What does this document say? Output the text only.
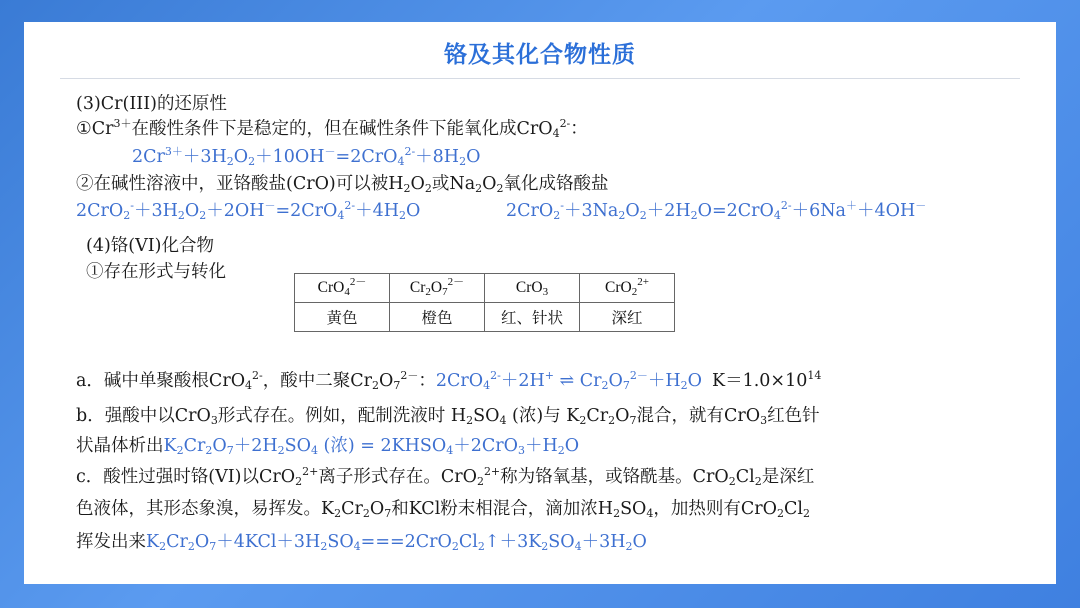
铬及其化合物性质
(3)Cr(III)的还原性
$①Cr^{3+}$在酸性条件下是稳定的，但在碱性条件下能氧化成CrO$_4^{2-}$：
$2Cr^{3+}+3H_2O_2+10OH^-=2CrO_4^{2-}+8H_2O$
②在碱性溶液中，亚铬酸盐(CrO)可以被$H_2O_2$或$Na_2O_2$氧化成铬酸盐
$2CrO_2^-+3H_2O_2+2OH^-=2CrO_4^{2-}+4H_2O$	$2CrO_2^-+3Na_2O_2+2H_2O=2CrO_4^{2-}+6Na^++4OH^-$
(4)铬(VI)化合物
①存在形式与转化
CrO$_4^{2-}$	$Cr_2O_7^{2-}$	CrO$_3$	CrO$_2^{2+}$
黄色	橙色	红、针状	深红
a．碱中单聚酸根CrO$_4^{2-}$，酸中二聚$Cr_2O_7^{2-}$：2CrO$_4^{2-}$＋2H+ ⇌ $Cr_2O_7^{2-}+H_2O$ $K=1.0\times 10^{14}$
b．强酸中以CrO$_3$形式存在。例如，配制洗液时 $H_2SO_4$ (浓)与 $K_2Cr_2O_7$混合，就有CrO$_3$红色针
状晶体析出$K_2Cr_2O_7+2H_2SO_4$ (浓) = $2KHSO_4+2CrO_3+H_2O$
c．酸性过强时铬(VI)以CrO$_2^{2+}$离子形式存在。CrO$_2^{2+}$称为铬氧基，或铬酰基。$CrO_2Cl_2$是深红
色液体，其形态象溴，易挥发。$K_2Cr_2O_7$和KCl粉末相混合，滴加浓$H_2SO_4$，加热则有$CrO_2Cl_2$
挥发出来$K_2Cr_2O_7+4KCl+3H_2SO_4===2CrO_2Cl_2↑+3K_2SO_4+3H_2O$
